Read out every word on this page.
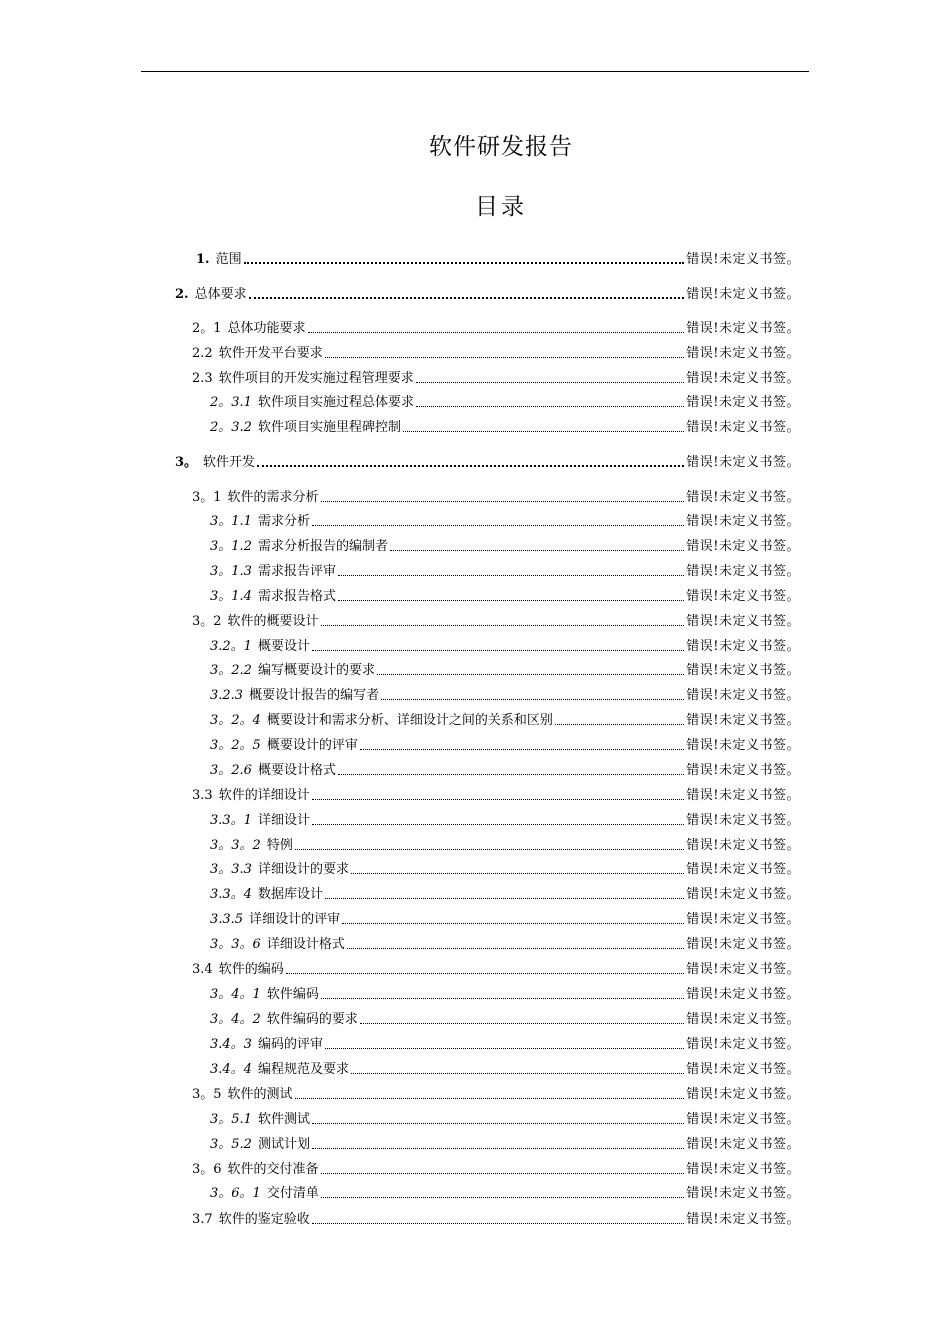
软件研发报告
目录
1. 范围	错误!未定义书签。
2. 总体要求	错误!未定义书签。
2。1 总体功能要求	错误!未定义书签。
2.2 软件开发平台要求	错误!未定义书签。
2.3 软件项目的开发实施过程管理要求	错误!未定义书签。
2。3.1 软件项目实施过程总体要求	错误!未定义书签。
2。3.2 软件项目实施里程碑控制	错误!未定义书签。
3。 软件开发	错误!未定义书签。
3。1 软件的需求分析	错误!未定义书签。
3。1.1 需求分析	错误!未定义书签。
3。1.2 需求分析报告的编制者	错误!未定义书签。
3。1.3 需求报告评审	错误!未定义书签。
3。1.4 需求报告格式	错误!未定义书签。
3。2 软件的概要设计	错误!未定义书签。
3.2。1 概要设计	错误!未定义书签。
3。2.2 编写概要设计的要求	错误!未定义书签。
3.2.3 概要设计报告的编写者	错误!未定义书签。
3。2。4 概要设计和需求分析、详细设计之间的关系和区别	错误!未定义书签。
3。2。5 概要设计的评审	错误!未定义书签。
3。2.6 概要设计格式	错误!未定义书签。
3.3 软件的详细设计	错误!未定义书签。
3.3。1 详细设计	错误!未定义书签。
3。3。2 特例	错误!未定义书签。
3。3.3 详细设计的要求	错误!未定义书签。
3.3。4 数据库设计	错误!未定义书签。
3.3.5 详细设计的评审	错误!未定义书签。
3。3。6 详细设计格式	错误!未定义书签。
3.4 软件的编码	错误!未定义书签。
3。4。1 软件编码	错误!未定义书签。
3。4。2 软件编码的要求	错误!未定义书签。
3.4。3 编码的评审	错误!未定义书签。
3.4。4 编程规范及要求	错误!未定义书签。
3。5 软件的测试	错误!未定义书签。
3。5.1 软件测试	错误!未定义书签。
3。5.2 测试计划	错误!未定义书签。
3。6 软件的交付准备	错误!未定义书签。
3。6。1 交付清单	错误!未定义书签。
3.7 软件的鉴定验收	错误!未定义书签。
